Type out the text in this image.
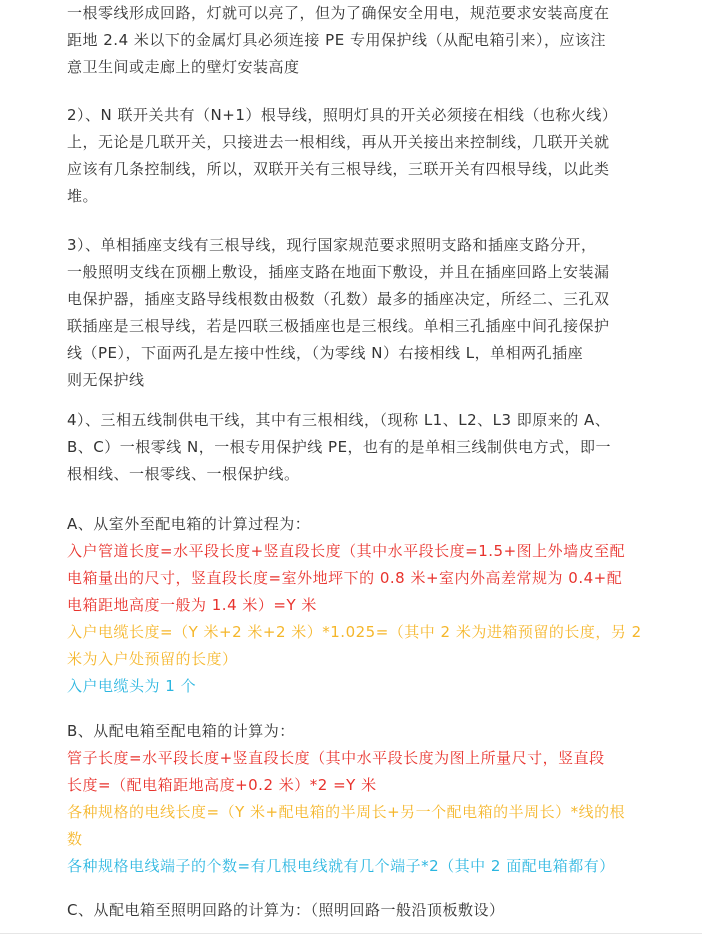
一根零线形成回路，灯就可以亮了，但为了确保安全用电，规范要求安装高度在
距地 2.4 米以下的金属灯具必须连接 PE 专用保护线（从配电箱引来），应该注
意卫生间或走廊上的壁灯安装高度
2）、N 联开关共有（N+1）根导线，照明灯具的开关必须接在相线（也称火线）
上，无论是几联开关，只接进去一根相线，再从开关接出来控制线，几联开关就
应该有几条控制线，所以，双联开关有三根导线，三联开关有四根导线，以此类
堆。
3）、单相插座支线有三根导线，现行国家规范要求照明支路和插座支路分开，
一般照明支线在顶棚上敷设，插座支路在地面下敷设，并且在插座回路上安装漏
电保护器，插座支路导线根数由极数（孔数）最多的插座决定，所经二、三孔双
联插座是三根导线，若是四联三极插座也是三根线。单相三孔插座中间孔接保护
线（PE），下面两孔是左接中性线，（为零线 N）右接相线 L，单相两孔插座
则无保护线
4）、三相五线制供电干线，其中有三根相线，（现称 L1、L2、L3 即原来的 A、
B、C）一根零线 N，一根专用保护线 PE，也有的是单相三线制供电方式，即一
根相线、一根零线、一根保护线。
A、从室外至配电箱的计算过程为：
入户管道长度=水平段长度+竖直段长度（其中水平段长度=1.5+图上外墙皮至配
电箱量出的尺寸，竖直段长度=室外地坪下的 0.8 米+室内外高差常规为 0.4+配
电箱距地高度一般为 1.4 米）=Y 米
入户电缆长度=（Y 米+2 米+2 米）*1.025=（其中 2 米为进箱预留的长度，另 2
米为入户处预留的长度）
入户电缆头为 1 个
B、从配电箱至配电箱的计算为：
管子长度=水平段长度+竖直段长度（其中水平段长度为图上所量尺寸，竖直段
长度=（配电箱距地高度+0.2 米）*2 =Y 米
各种规格的电线长度=（Y 米+配电箱的半周长+另一个配电箱的半周长）*线的根
数
各种规格电线端子的个数=有几根电线就有几个端子*2（其中 2 面配电箱都有）
C、从配电箱至照明回路的计算为：（照明回路一般沿顶板敷设）
